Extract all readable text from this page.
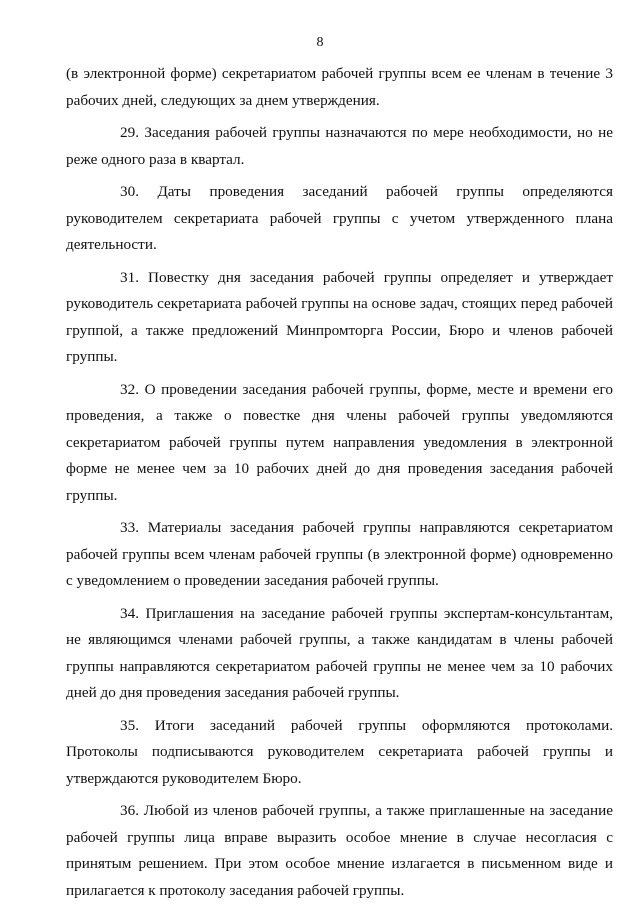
8

(в электронной форме) секретариатом рабочей группы всем ее членам в течение 3 рабочих дней, следующих за днем утверждения.

29. Заседания рабочей группы назначаются по мере необходимости, но не реже одного раза в квартал.

30. Даты проведения заседаний рабочей группы определяются руководителем секретариата рабочей группы с учетом утвержденного плана деятельности.

31. Повестку дня заседания рабочей группы определяет и утверждает руководитель секретариата рабочей группы на основе задач, стоящих перед рабочей группой, а также предложений Минпромторга России, Бюро и членов рабочей группы.

32. О проведении заседания рабочей группы, форме, месте и времени его проведения, а также о повестке дня члены рабочей группы уведомляются секретариатом рабочей группы путем направления уведомления в электронной форме не менее чем за 10 рабочих дней до дня проведения заседания рабочей группы.

33. Материалы заседания рабочей группы направляются секретариатом рабочей группы всем членам рабочей группы (в электронной форме) одновременно с уведомлением о проведении заседания рабочей группы.

34. Приглашения на заседание рабочей группы экспертам-консультантам, не являющимся членами рабочей группы, а также кандидатам в члены рабочей группы направляются секретариатом рабочей группы не менее чем за 10 рабочих дней до дня проведения заседания рабочей группы.

35. Итоги заседаний рабочей группы оформляются протоколами. Протоколы подписываются руководителем секретариата рабочей группы и утверждаются руководителем Бюро.

36. Любой из членов рабочей группы, а также приглашенные на заседание рабочей группы лица вправе выразить особое мнение в случае несогласия с принятым решением. При этом особое мнение излагается в письменном виде и прилагается к протоколу заседания рабочей группы.
